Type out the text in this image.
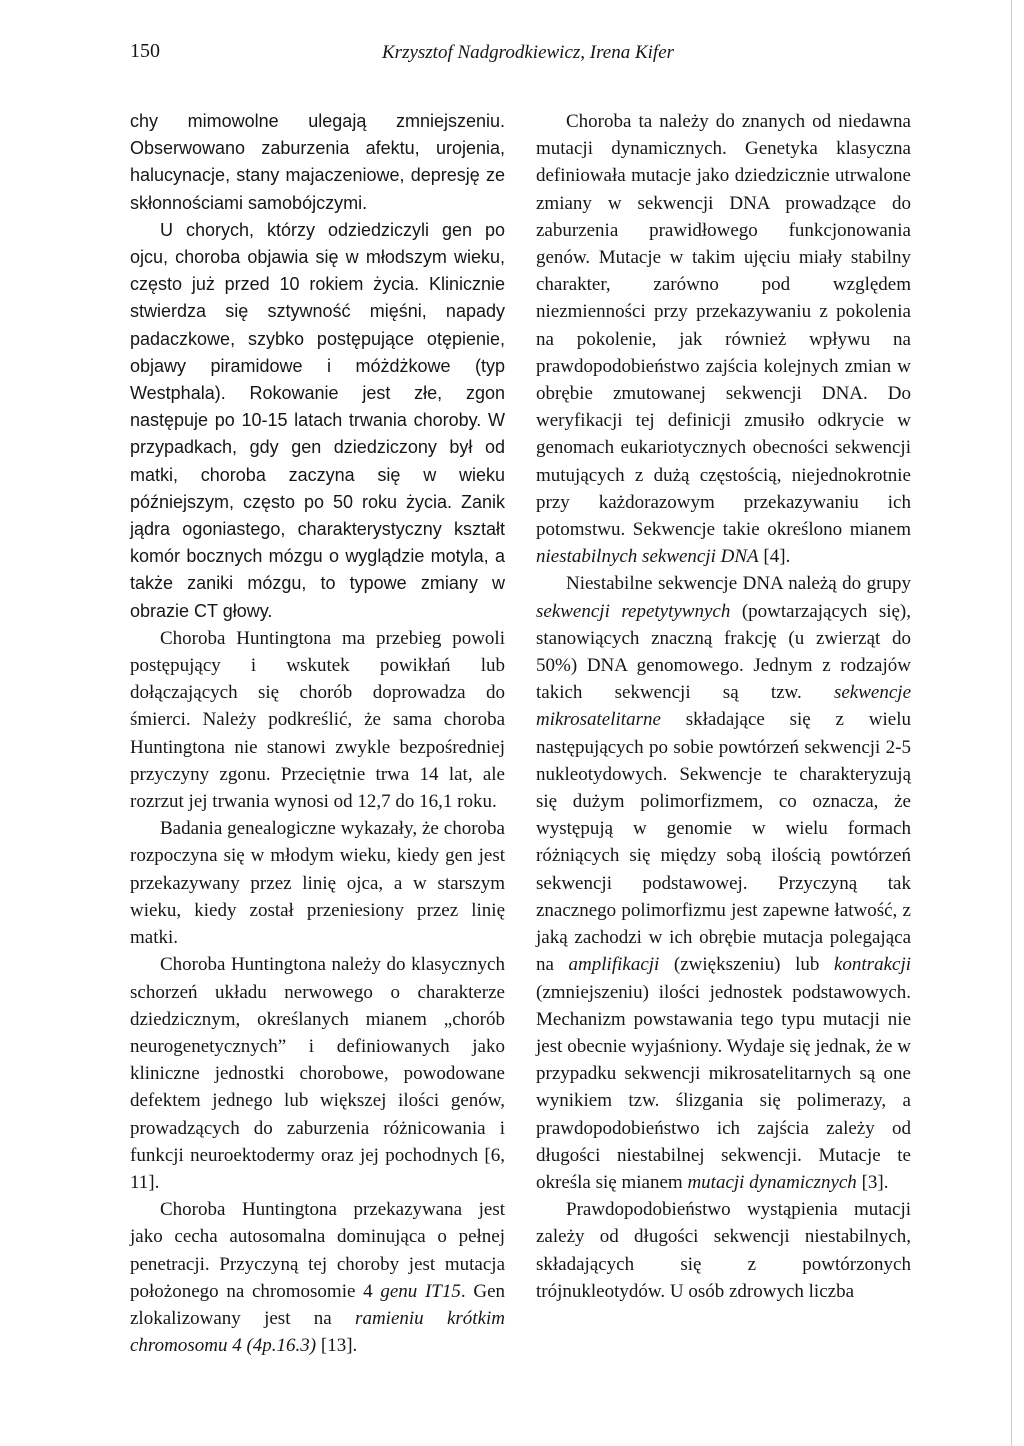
150	Krzysztof Nadgrodkiewicz, Irena Kifer

chy mimowolne ulegają zmniejszeniu. Obserwowano zaburzenia afektu, urojenia, halucynacje, stany majaczeniowe, depresję ze skłonnościami samobójczymi.

U chorych, którzy odziedziczyli gen po ojcu, choroba objawia się w młodszym wieku, często już przed 10 rokiem życia. Klinicznie stwierdza się sztywność mięśni, napady padaczkowe, szybko postępujące otępienie, objawy piramidowe i móżdżkowe (typ Westphala). Rokowanie jest złe, zgon następuje po 10-15 latach trwania choroby. W przypadkach, gdy gen dziedziczony był od matki, choroba zaczyna się w wieku późniejszym, często po 50 roku życia. Zanik jądra ogoniastego, charakterystyczny kształt komór bocznych mózgu o wyglądzie motyla, a także zaniki mózgu, to typowe zmiany w obrazie CT głowy.

Choroba Huntingtona ma przebieg powoli postępujący i wskutek powikłań lub dołączających się chorób doprowadza do śmierci. Należy podkreślić, że sama choroba Huntingtona nie stanowi zwykle bezpośredniej przyczyny zgonu. Przeciętnie trwa 14 lat, ale rozrzut jej trwania wynosi od 12,7 do 16,1 roku.

Badania genealogiczne wykazały, że choroba rozpoczyna się w młodym wieku, kiedy gen jest przekazywany przez linię ojca, a w starszym wieku, kiedy został przeniesiony przez linię matki.

Choroba Huntingtona należy do klasycznych schorzeń układu nerwowego o charakterze dziedzicznym, określanych mianem „chorób neurogenetycznych” i definiowanych jako kliniczne jednostki chorobowe, powodowane defektem jednego lub większej ilości genów, prowadzących do zaburzenia różnicowania i funkcji neuroektodermy oraz jej pochodnych [6, 11].

Choroba Huntingtona przekazywana jest jako cecha autosomalna dominująca o pełnej penetracji. Przyczyną tej choroby jest mutacja położonego na chromosomie 4 genu IT15. Gen zlokalizowany jest na ramieniu krótkim chromosomu 4 (4p.16.3) [13].

Choroba ta należy do znanych od niedawna mutacji dynamicznych. Genetyka klasyczna definiowała mutacje jako dziedzicznie utrwalone zmiany w sekwencji DNA prowadzące do zaburzenia prawidłowego funkcjonowania genów. Mutacje w takim ujęciu miały stabilny charakter, zarówno pod względem niezmienności przy przekazywaniu z pokolenia na pokolenie, jak również wpływu na prawdopodobieństwo zajścia kolejnych zmian w obrębie zmutowanej sekwencji DNA. Do weryfikacji tej definicji zmusiło odkrycie w genomach eukariotycznych obecności sekwencji mutujących z dużą częstością, niejednokrotnie przy każdorazowym przekazywaniu ich potomstwu. Sekwencje takie określono mianem niestabilnych sekwencji DNA [4].

Niestabilne sekwencje DNA należą do grupy sekwencji repetytywnych (powtarzających się), stanowiących znaczną frakcję (u zwierząt do 50%) DNA genomowego. Jednym z rodzajów takich sekwencji są tzw. sekwencje mikrosatelitarne składające się z wielu następujących po sobie powtórzeń sekwencji 2-5 nukleotydowych. Sekwencje te charakteryzują się dużym polimorfizmem, co oznacza, że występują w genomie w wielu formach różniących się między sobą ilością powtórzeń sekwencji podstawowej. Przyczyną tak znacznego polimorfizmu jest zapewne łatwość, z jaką zachodzi w ich obrębie mutacja polegająca na amplifikacji (zwiększeniu) lub kontrakcji (zmniejszeniu) ilości jednostek podstawowych. Mechanizm powstawania tego typu mutacji nie jest obecnie wyjaśniony. Wydaje się jednak, że w przypadku sekwencji mikrosatelitarnych są one wynikiem tzw. ślizgania się polimerazy, a prawdopodobieństwo ich zajścia zależy od długości niestabilnej sekwencji. Mutacje te określa się mianem mutacji dynamicznych [3].

Prawdopodobieństwo wystąpienia mutacji zależy od długości sekwencji niestabilnych, składających się z powtórzonych trójnukleotydów. U osób zdrowych liczba
